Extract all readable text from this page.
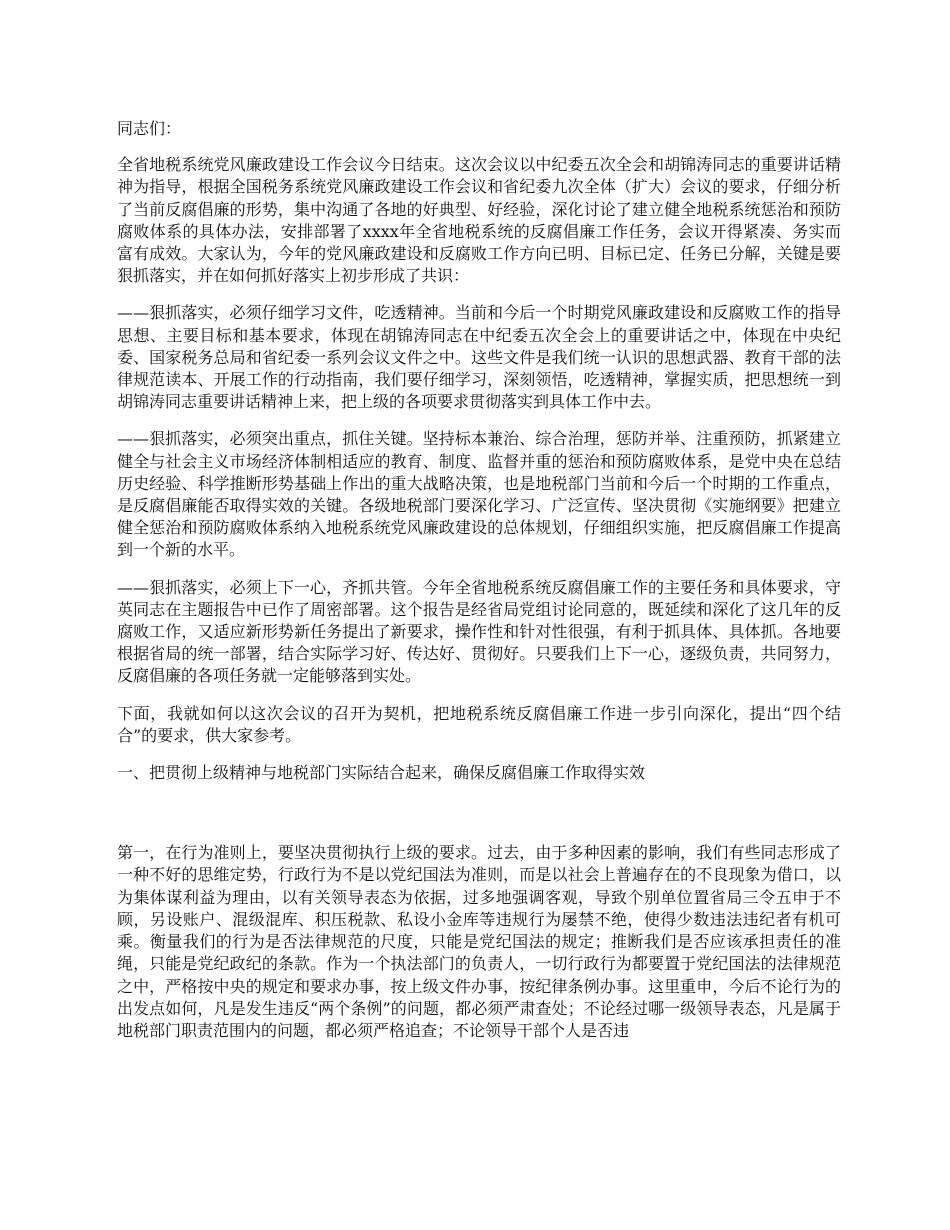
同志们：

全省地税系统党风廉政建设工作会议今日结束。这次会议以中纪委五次全会和胡锦涛同志的重要讲话精神为指导，根据全国税务系统党风廉政建设工作会议和省纪委九次全体（扩大）会议的要求，仔细分析了当前反腐倡廉的形势，集中沟通了各地的好典型、好经验，深化讨论了建立健全地税系统惩治和预防腐败体系的具体办法，安排部署了xxxx年全省地税系统的反腐倡廉工作任务，会议开得紧凑、务实而富有成效。大家认为，今年的党风廉政建设和反腐败工作方向已明、目标已定、任务已分解，关键是要狠抓落实，并在如何抓好落实上初步形成了共识：

——狠抓落实，必须仔细学习文件，吃透精神。当前和今后一个时期党风廉政建设和反腐败工作的指导思想、主要目标和基本要求，体现在胡锦涛同志在中纪委五次全会上的重要讲话之中，体现在中央纪委、国家税务总局和省纪委一系列会议文件之中。这些文件是我们统一认识的思想武器、教育干部的法律规范读本、开展工作的行动指南，我们要仔细学习，深刻领悟，吃透精神，掌握实质，把思想统一到胡锦涛同志重要讲话精神上来，把上级的各项要求贯彻落实到具体工作中去。

——狠抓落实，必须突出重点，抓住关键。坚持标本兼治、综合治理，惩防并举、注重预防，抓紧建立健全与社会主义市场经济体制相适应的教育、制度、监督并重的惩治和预防腐败体系，是党中央在总结历史经验、科学推断形势基础上作出的重大战略决策，也是地税部门当前和今后一个时期的工作重点，是反腐倡廉能否取得实效的关键。各级地税部门要深化学习、广泛宣传、坚决贯彻《实施纲要》把建立健全惩治和预防腐败体系纳入地税系统党风廉政建设的总体规划，仔细组织实施，把反腐倡廉工作提高到一个新的水平。

——狠抓落实，必须上下一心，齐抓共管。今年全省地税系统反腐倡廉工作的主要任务和具体要求，守英同志在主题报告中已作了周密部署。这个报告是经省局党组讨论同意的，既延续和深化了这几年的反腐败工作，又适应新形势新任务提出了新要求，操作性和针对性很强，有利于抓具体、具体抓。各地要根据省局的统一部署，结合实际学习好、传达好、贯彻好。只要我们上下一心，逐级负责，共同努力，反腐倡廉的各项任务就一定能够落到实处。

下面，我就如何以这次会议的召开为契机，把地税系统反腐倡廉工作进一步引向深化，提出“四个结合”的要求，供大家参考。

一、把贯彻上级精神与地税部门实际结合起来，确保反腐倡廉工作取得实效

第一，在行为准则上，要坚决贯彻执行上级的要求。过去，由于多种因素的影响，我们有些同志形成了一种不好的思维定势，行政行为不是以党纪国法为准则，而是以社会上普遍存在的不良现象为借口，以为集体谋利益为理由，以有关领导表态为依据，过多地强调客观，导致个别单位置省局三令五申于不顾，另设账户、混级混库、积压税款、私设小金库等违规行为屡禁不绝，使得少数违法违纪者有机可乘。衡量我们的行为是否法律规范的尺度，只能是党纪国法的规定；推断我们是否应该承担责任的准绳，只能是党纪政纪的条款。作为一个执法部门的负责人，一切行政行为都要置于党纪国法的法律规范之中，严格按中央的规定和要求办事，按上级文件办事，按纪律条例办事。这里重申，今后不论行为的出发点如何，凡是发生违反“两个条例”的问题，都必须严肃查处；不论经过哪一级领导表态，凡是属于地税部门职责范围内的问题，都必须严格追查；不论领导干部个人是否违
